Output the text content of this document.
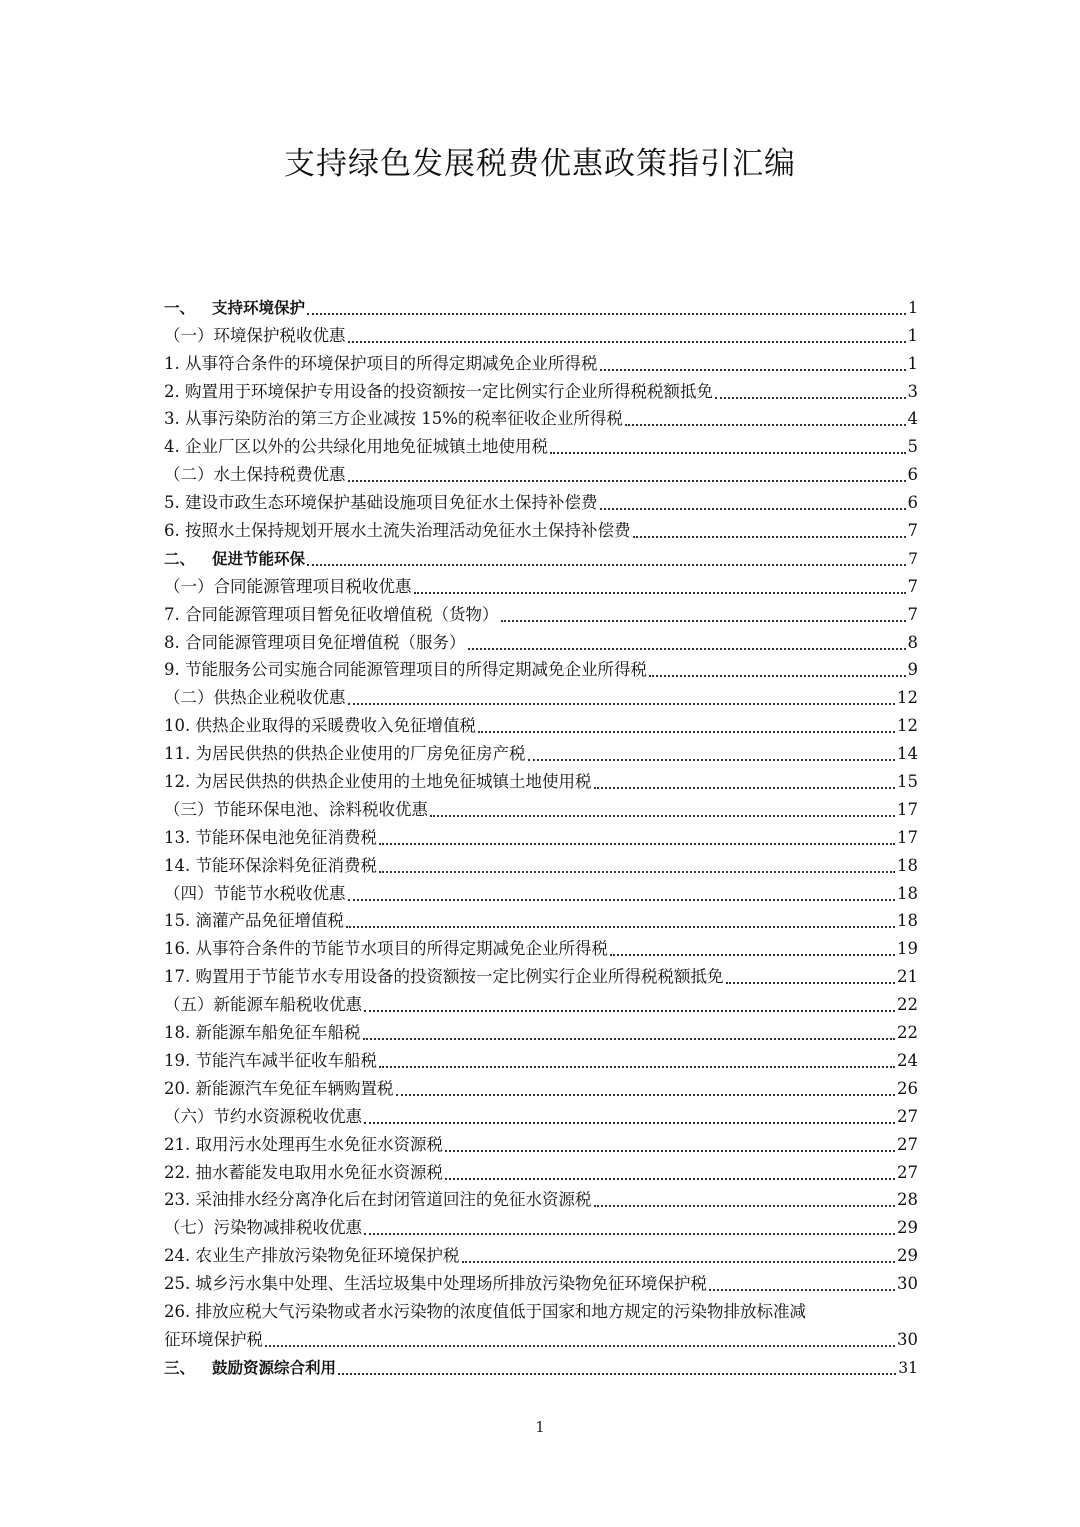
支持绿色发展税费优惠政策指引汇编
一、	支持环境保护	1
（一）环境保护税收优惠	1
1. 从事符合条件的环境保护项目的所得定期减免企业所得税	1
2. 购置用于环境保护专用设备的投资额按一定比例实行企业所得税税额抵免	3
3. 从事污染防治的第三方企业减按 15%的税率征收企业所得税	4
4. 企业厂区以外的公共绿化用地免征城镇土地使用税	5
（二）水土保持税费优惠	6
5. 建设市政生态环境保护基础设施项目免征水土保持补偿费	6
6. 按照水土保持规划开展水土流失治理活动免征水土保持补偿费	7
二、	促进节能环保	7
（一）合同能源管理项目税收优惠	7
7. 合同能源管理项目暂免征收增值税（货物）	7
8. 合同能源管理项目免征增值税（服务）	8
9. 节能服务公司实施合同能源管理项目的所得定期减免企业所得税	9
（二）供热企业税收优惠	12
10. 供热企业取得的采暖费收入免征增值税	12
11. 为居民供热的供热企业使用的厂房免征房产税	14
12. 为居民供热的供热企业使用的土地免征城镇土地使用税	15
（三）节能环保电池、涂料税收优惠	17
13. 节能环保电池免征消费税	17
14. 节能环保涂料免征消费税	18
（四）节能节水税收优惠	18
15. 滴灌产品免征增值税	18
16. 从事符合条件的节能节水项目的所得定期减免企业所得税	19
17. 购置用于节能节水专用设备的投资额按一定比例实行企业所得税税额抵免	21
（五）新能源车船税收优惠	22
18. 新能源车船免征车船税	22
19. 节能汽车减半征收车船税	24
20. 新能源汽车免征车辆购置税	26
（六）节约水资源税收优惠	27
21. 取用污水处理再生水免征水资源税	27
22. 抽水蓄能发电取用水免征水资源税	27
23. 采油排水经分离净化后在封闭管道回注的免征水资源税	28
（七）污染物减排税收优惠	29
24. 农业生产排放污染物免征环境保护税	29
25. 城乡污水集中处理、生活垃圾集中处理场所排放污染物免征环境保护税	30
26. 排放应税大气污染物或者水污染物的浓度值低于国家和地方规定的污染物排放标准减
征环境保护税	30
三、	鼓励资源综合利用	31
1
